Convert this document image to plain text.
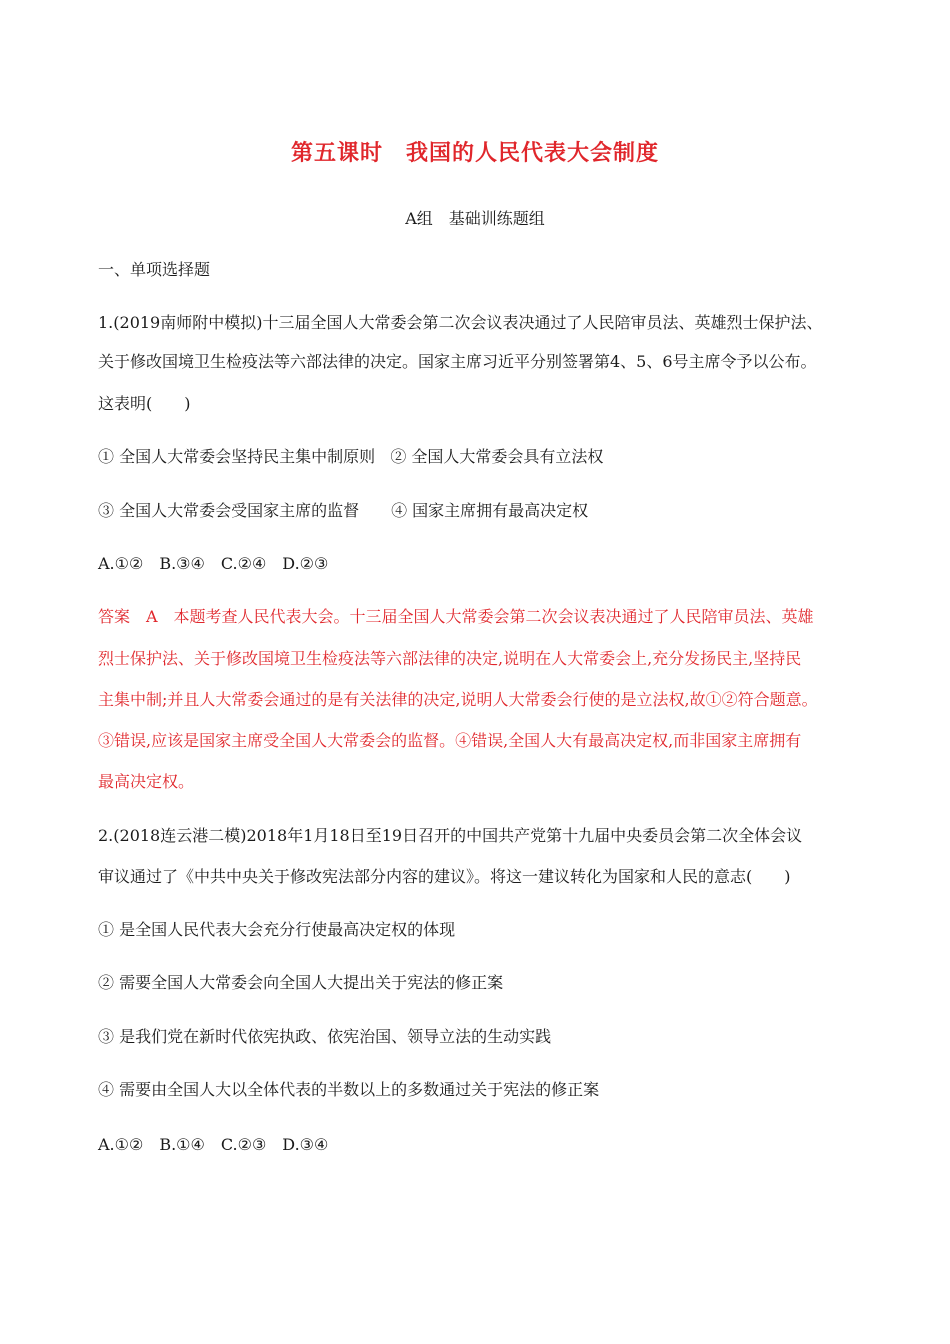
第五课时　我国的人民代表大会制度
A组　基础训练题组
一、单项选择题
1.(2019南师附中模拟)十三届全国人大常委会第二次会议表决通过了人民陪审员法、英雄烈士保护法、
关于修改国境卫生检疫法等六部法律的决定。国家主席习近平分别签署第4、5、6号主席令予以公布。
这表明(　　)
① 全国人大常委会坚持民主集中制原则   ② 全国人大常委会具有立法权
③ 全国人大常委会受国家主席的监督　　④ 国家主席拥有最高决定权
A.①②　B.③④　C.②④　D.②③
答案　A　本题考查人民代表大会。十三届全国人大常委会第二次会议表决通过了人民陪审员法、英雄
烈士保护法、关于修改国境卫生检疫法等六部法律的决定,说明在人大常委会上,充分发扬民主,坚持民
主集中制;并且人大常委会通过的是有关法律的决定,说明人大常委会行使的是立法权,故①②符合题意。
③错误,应该是国家主席受全国人大常委会的监督。④错误,全国人大有最高决定权,而非国家主席拥有
最高决定权。
2.(2018连云港二模)2018年1月18日至19日召开的中国共产党第十九届中央委员会第二次全体会议
审议通过了《中共中央关于修改宪法部分内容的建议》。将这一建议转化为国家和人民的意志(　　)
① 是全国人民代表大会充分行使最高决定权的体现
② 需要全国人大常委会向全国人大提出关于宪法的修正案
③ 是我们党在新时代依宪执政、依宪治国、领导立法的生动实践
④ 需要由全国人大以全体代表的半数以上的多数通过关于宪法的修正案
A.①②　B.①④　C.②③　D.③④
